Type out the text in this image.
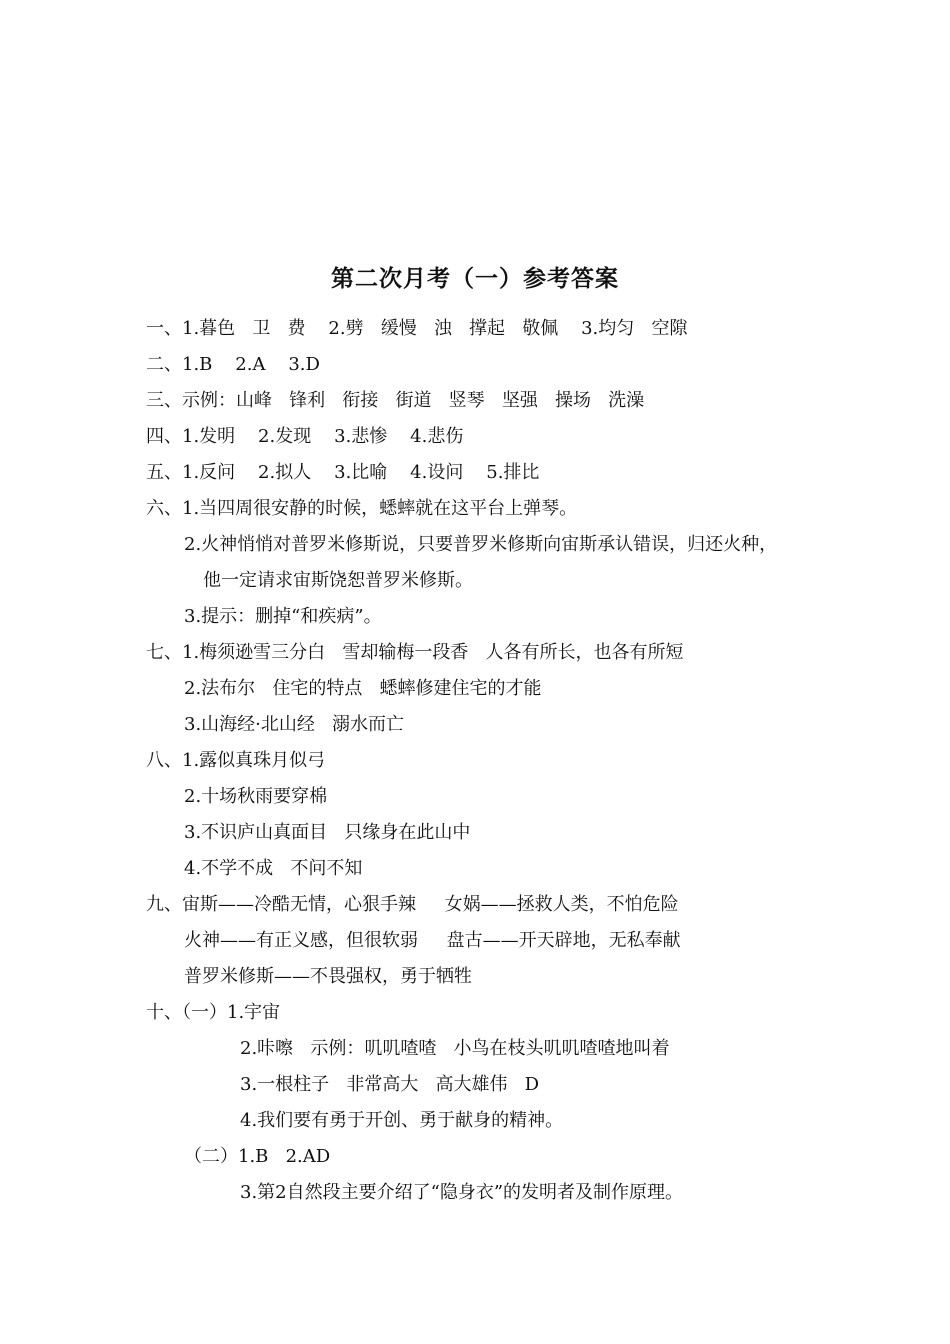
第二次月考（一）参考答案
一、1.暮色   卫   费    2.劈   缓慢   浊   撑起   敬佩    3.均匀   空隙
二、1.B    2.A    3.D
三、示例：山峰   锋利   衔接   街道   竖琴   坚强   操场   洗澡
四、1.发明    2.发现    3.悲惨    4.悲伤
五、1.反问    2.拟人    3.比喻    4.设问    5.排比
六、1.当四周很安静的时候，蟋蟀就在这平台上弹琴。
2.火神悄悄对普罗米修斯说，只要普罗米修斯向宙斯承认错误，归还火种，
他一定请求宙斯饶恕普罗米修斯。
3.提示：删掉“和疾病”。
七、1.梅须逊雪三分白   雪却输梅一段香   人各有所长，也各有所短
2.法布尔   住宅的特点   蟋蟀修建住宅的才能
3.山海经·北山经   溺水而亡
八、1.露似真珠月似弓
2.十场秋雨要穿棉
3.不识庐山真面目   只缘身在此山中
4.不学不成   不问不知
九、宙斯——冷酷无情，心狠手辣     女娲——拯救人类，不怕危险
火神——有正义感，但很软弱     盘古——开天辟地，无私奉献
普罗米修斯——不畏强权，勇于牺牲
十、（一）1.宇宙
2.咔嚓   示例：叽叽喳喳   小鸟在枝头叽叽喳喳地叫着
3.一根柱子   非常高大   高大雄伟   D
4.我们要有勇于开创、勇于献身的精神。
（二）1.B   2.AD
3.第2自然段主要介绍了“隐身衣”的发明者及制作原理。
